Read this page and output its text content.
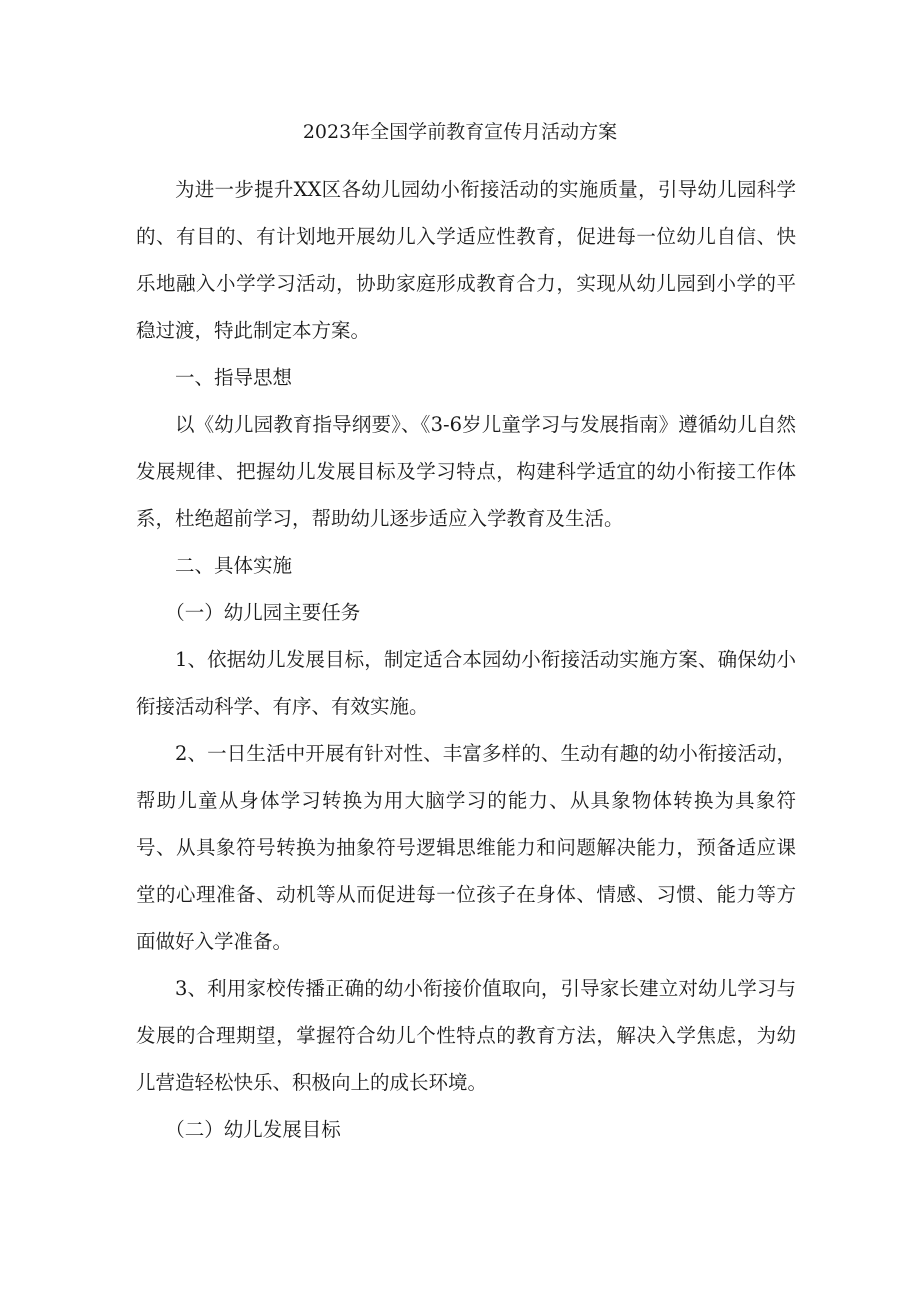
2023年全国学前教育宣传月活动方案

为进一步提升XX区各幼儿园幼小衔接活动的实施质量，引导幼儿园科学的、有目的、有计划地开展幼儿入学适应性教育，促进每一位幼儿自信、快乐地融入小学学习活动，协助家庭形成教育合力，实现从幼儿园到小学的平稳过渡，特此制定本方案。

一、指导思想

以《幼儿园教育指导纲要》、《3-6岁儿童学习与发展指南》遵循幼儿自然发展规律、把握幼儿发展目标及学习特点，构建科学适宜的幼小衔接工作体系，杜绝超前学习，帮助幼儿逐步适应入学教育及生活。

二、具体实施

（一）幼儿园主要任务

1、依据幼儿发展目标，制定适合本园幼小衔接活动实施方案、确保幼小衔接活动科学、有序、有效实施。

2、一日生活中开展有针对性、丰富多样的、生动有趣的幼小衔接活动，帮助儿童从身体学习转换为用大脑学习的能力、从具象物体转换为具象符号、从具象符号转换为抽象符号逻辑思维能力和问题解决能力，预备适应课堂的心理准备、动机等从而促进每一位孩子在身体、情感、习惯、能力等方面做好入学准备。

3、利用家校传播正确的幼小衔接价值取向，引导家长建立对幼儿学习与发展的合理期望，掌握符合幼儿个性特点的教育方法，解决入学焦虑，为幼儿营造轻松快乐、积极向上的成长环境。

（二）幼儿发展目标
